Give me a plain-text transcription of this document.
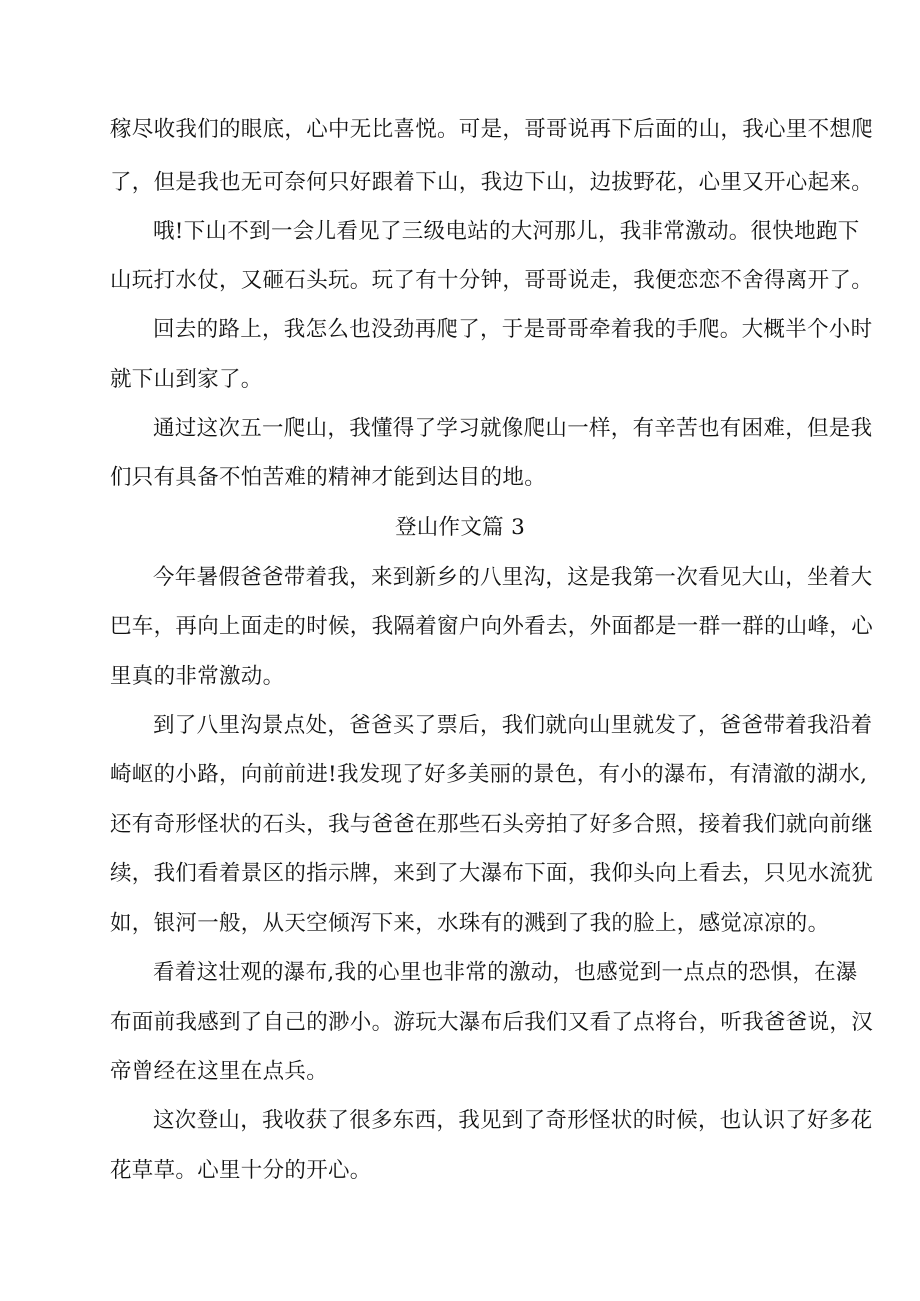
稼尽收我们的眼底，心中无比喜悦。可是，哥哥说再下后面的山，我心里不想爬
了，但是我也无可奈何只好跟着下山，我边下山，边拔野花，心里又开心起来。
哦!下山不到一会儿看见了三级电站的大河那儿，我非常激动。很快地跑下
山玩打水仗，又砸石头玩。玩了有十分钟，哥哥说走，我便恋恋不舍得离开了。
回去的路上，我怎么也没劲再爬了，于是哥哥牵着我的手爬。大概半个小时
就下山到家了。
通过这次五一爬山，我懂得了学习就像爬山一样，有辛苦也有困难，但是我
们只有具备不怕苦难的精神才能到达目的地。
登山作文篇 3
今年暑假爸爸带着我，来到新乡的八里沟，这是我第一次看见大山，坐着大
巴车，再向上面走的时候，我隔着窗户向外看去，外面都是一群一群的山峰，心
里真的非常激动。
到了八里沟景点处，爸爸买了票后，我们就向山里就发了，爸爸带着我沿着
崎岖的小路，向前前进!我发现了好多美丽的景色，有小的瀑布，有清澈的湖水,
还有奇形怪状的石头，我与爸爸在那些石头旁拍了好多合照，接着我们就向前继
续，我们看着景区的指示牌，来到了大瀑布下面，我仰头向上看去，只见水流犹
如，银河一般，从天空倾泻下来，水珠有的溅到了我的脸上，感觉凉凉的。
看着这壮观的瀑布,我的心里也非常的激动，也感觉到一点点的恐惧，在瀑
布面前我感到了自己的渺小。游玩大瀑布后我们又看了点将台，听我爸爸说，汉
帝曾经在这里在点兵。
这次登山，我收获了很多东西，我见到了奇形怪状的时候，也认识了好多花
花草草。心里十分的开心。
